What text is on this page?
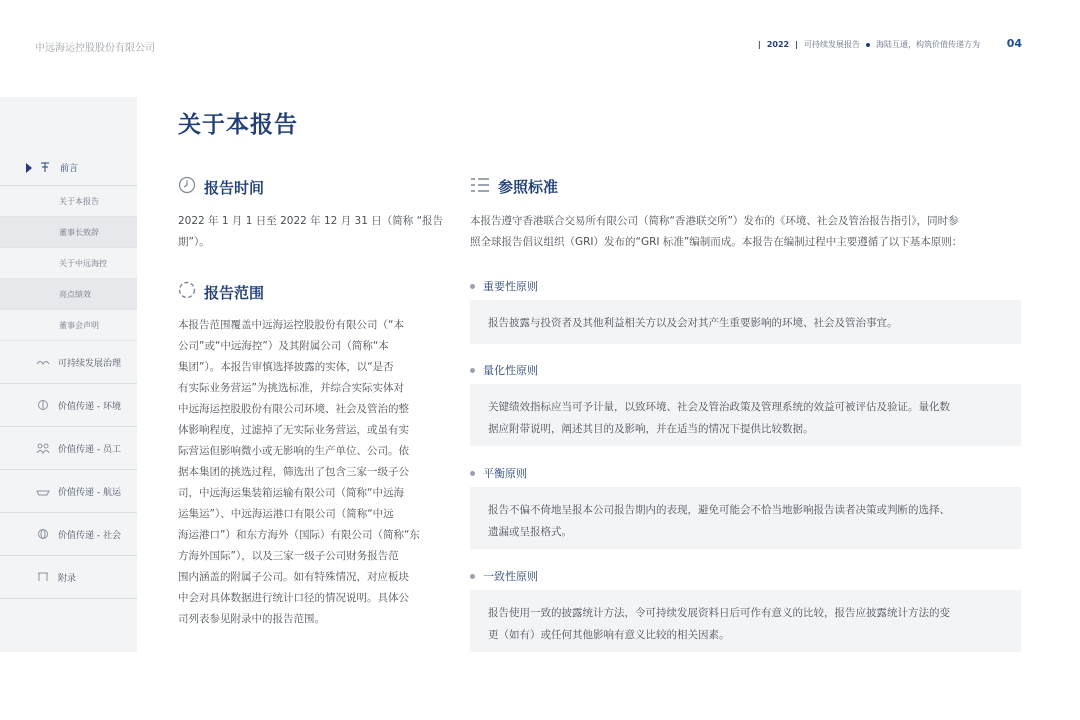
中远海运控股股份有限公司	| 2022 | 可持续发展报告 海陆互通，构筑价值传递方为 04
前言
关于本报告
董事长致辞
关于中远海控
亮点绩效
董事会声明
可持续发展治理
价值传递 - 环境
价值传递 - 员工
价值传递 - 航运
价值传递 - 社会
附录
关于本报告
报告时间
2022 年 1 月 1 日至 2022 年 12 月 31 日（简称 “报告期”）。
报告范围
本报告范围覆盖中远海运控股股份有限公司（“本
公司”或“中远海控”）及其附属公司（简称“本
集团”）。本报告审慎选择披露的实体，以“是否
有实际业务营运”为挑选标准，并综合实际实体对
中远海运控股股份有限公司环境、社会及管治的整
体影响程度，过滤掉了无实际业务营运，或虽有实
际营运但影响微小或无影响的生产单位、公司。依
据本集团的挑选过程，筛选出了包含三家一级子公
司，中远海运集装箱运输有限公司（简称“中远海
运集运”）、中远海运港口有限公司（简称“中远
海运港口”）和东方海外（国际）有限公司（简称“东
方海外国际”），以及三家一级子公司财务报告范
围内涵盖的附属子公司。如有特殊情况，对应板块
中会对具体数据进行统计口径的情况说明。具体公
司列表参见附录中的报告范围。
参照标准
本报告遵守香港联合交易所有限公司（简称“香港联交所”）发布的《环境、社会及管治报告指引》，同时参
照全球报告倡议组织（GRI）发布的“GRI 标准”编制而成。本报告在编制过程中主要遵循了以下基本原则：
重要性原则
报告披露与投资者及其他利益相关方以及会对其产生重要影响的环境、社会及管治事宜。
量化性原则
关键绩效指标应当可予计量，以致环境、社会及管治政策及管理系统的效益可被评估及验证。量化数
据应附带说明，阐述其目的及影响，并在适当的情况下提供比较数据。
平衡原则
报告不偏不倚地呈报本公司报告期内的表现，避免可能会不恰当地影响报告读者决策或判断的选择、
遗漏或呈报格式。
一致性原则
报告使用一致的披露统计方法，令可持续发展资料日后可作有意义的比较，报告应披露统计方法的变
更（如有）或任何其他影响有意义比较的相关因素。
